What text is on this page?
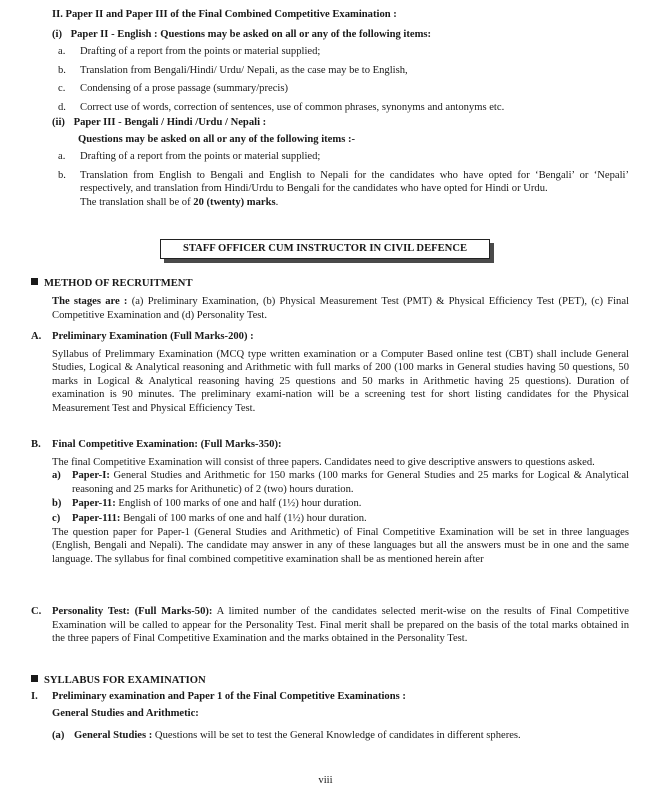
II. Paper II and Paper III of the Final Combined Competitive Examination :
(i) Paper II - English : Questions may be asked on all or any of the following items:
a. Drafting of a report from the points or material supplied;
b. Translation from Bengali/Hindi/ Urdu/ Nepali, as the case may be to English,
c. Condensing of a prose passage (summary/precis)
d. Correct use of words, correction of sentences, use of common phrases, synonyms and antonyms etc.
(ii) Paper III - Bengali / Hindi /Urdu / Nepali :
Questions may be asked on all or any of the following items :-
a. Drafting of a report from the points or material supplied;
b. Translation from English to Bengali and English to Nepali for the candidates who have opted for ‘Bengali’ or ‘Nepali’ respectively, and translation from Hindi/Urdu to Bengali for the candidates who have opted for Hindi or Urdu.
The translation shall be of 20 (twenty) marks.
STAFF OFFICER CUM INSTRUCTOR IN CIVIL DEFENCE
METHOD OF RECRUITMENT
The stages are : (a) Preliminary Examination, (b) Physical Measurement Test (PMT) & Physical Efficiency Test (PET), (c) Final Competitive Examination and (d) Personality Test.
A. Preliminary Examination (Full Marks-200) :
Syllabus of Prelimmary Examination (MCQ type written examination or a Computer Based online test (CBT) shall include General Studies, Logical & Analytical reasoning and Arithmetic with full marks of 200 (100 marks in General studies having 50 questions, 50 marks in Logical & Analytical reasoning having 25 questions and 50 marks in Arithmetic having 25 questions). Duration of examination is 90 minutes. The preliminary exami-nation will be a screening test for short listing candidates for the Physical Measurement Test and Physical Efficiency Test.
B. Final Competitive Examination: (Full Marks-350):
The final Competitive Examination will consist of three papers. Candidates need to give descriptive answers to questions asked.
a) Paper-I: General Studies and Arithmetic for 150 marks (100 marks for General Studies and 25 marks for Logical & Analytical reasoning and 25 marks for Arithunetic) of 2 (two) hours duration.
b) Paper-11: English of 100 marks of one and half (1½) hour duration.
c) Paper-111: Bengali of 100 marks of one and half (1½) hour duration.
The question paper for Paper-1 (General Studies and Arithmetic) of Final Competitive Examination will be set in three languages (English, Bengali and Nepali). The candidate may answer in any of these languages but all the answers must be in one and the same language. The syllabus for final combined competitive examination shall be as mentioned herein after
C. Personality Test: (Full Marks-50): A limited number of the candidates selected merit-wise on the results of Final Competitive Examination will be called to appear for the Personality Test. Final merit shall be prepared on the basis of the total marks obtained in the three papers of Final Competitive Examination and the marks obtained in the Personality Test.
SYLLABUS FOR EXAMINATION
I. Preliminary examination and Paper 1 of the Final Competitive Examinations :
General Studies and Arithmetic:
(a) General Studies : Questions will be set to test the General Knowledge of candidates in different spheres.
viii
